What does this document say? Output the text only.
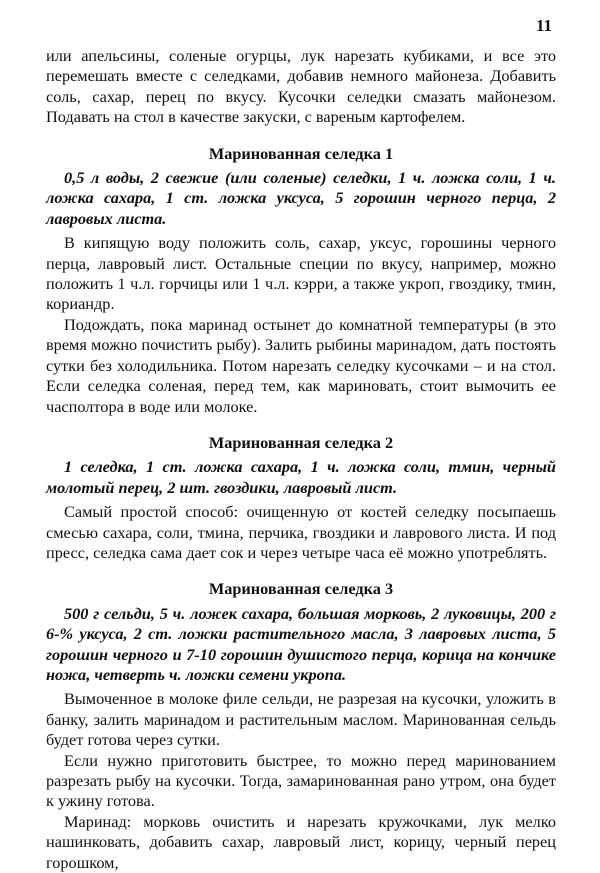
11

или апельсины, соленые огурцы, лук нарезать кубиками, и все это перемешать вместе с селедками, добавив немного майонеза. Добавить соль, сахар, перец по вкусу. Кусочки селедки смазать майонезом. Подавать на стол в качестве закуски, с вареным картофелем.

Маринованная селедка 1

0,5 л воды, 2 свежие (или соленые) селедки, 1 ч. ложка соли, 1 ч. ложка сахара, 1 ст. ложка уксуса, 5 горошин черного перца, 2 лавровых листа.

В кипящую воду положить соль, сахар, уксус, горошины черного перца, лавровый лист. Остальные специи по вкусу, например, можно положить 1 ч.л. горчицы или 1 ч.л. кэрри, а также укроп, гвоздику, тмин, кориандр.

Подождать, пока маринад остынет до комнатной температуры (в это время можно почистить рыбу). Залить рыбины маринадом, дать постоять сутки без холодильника. Потом нарезать селедку кусочками – и на стол. Если селедка соленая, перед тем, как мариновать, стоит вымочить ее часполтора в воде или молоке.

Маринованная селедка 2

1 селедка, 1 ст. ложка сахара, 1 ч. ложка соли, тмин, черный молотый перец, 2 шт. гвоздики, лавровый лист.

Самый простой способ: очищенную от костей селедку посыпаешь смесью сахара, соли, тмина, перчика, гвоздики и лаврового листа. И под пресс, селедка сама дает сок и через четыре часа её можно употреблять.

Маринованная селедка 3

500 г сельди, 5 ч. ложек сахара, большая морковь, 2 луковицы, 200 г 6-% уксуса, 2 ст. ложки растительного масла, 3 лавровых листа, 5 горошин черного и 7-10 горошин душистого перца, корица на кончике ножа, четверть ч. ложки семени укропа.

Вымоченное в молоке филе сельди, не разрезая на кусочки, уложить в банку, залить маринадом и растительным маслом. Маринованная сельдь будет готова через сутки.

Если нужно приготовить быстрее, то можно перед маринованием разрезать рыбу на кусочки. Тогда, замаринованная рано утром, она будет к ужину готова.

Маринад: морковь очистить и нарезать кружочками, лук мелко нашинковать, добавить сахар, лавровый лист, корицу, черный перец горошком,
